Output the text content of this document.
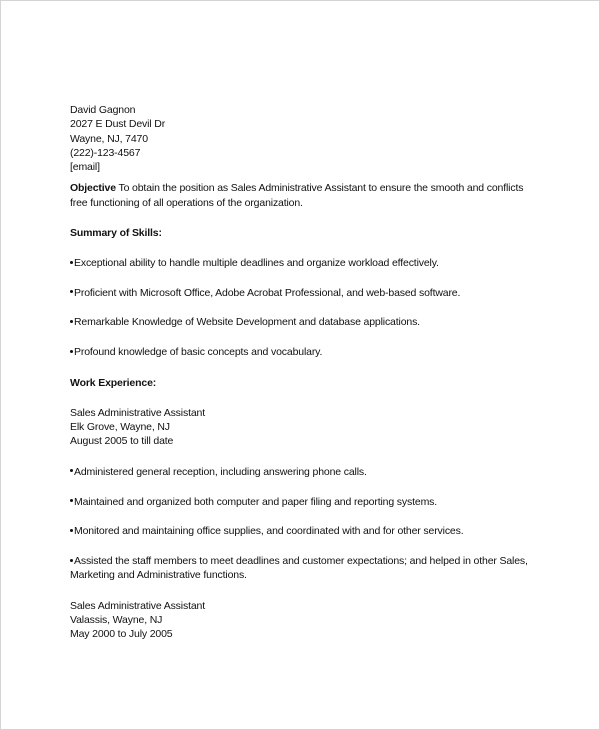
David Gagnon
2027 E Dust Devil Dr
Wayne, NJ, 7470
(222)-123-4567
[email]
Objective To obtain the position as Sales Administrative Assistant to ensure the smooth and conflicts free functioning of all operations of the organization.
Summary of Skills:
Exceptional ability to handle multiple deadlines and organize workload effectively.
Proficient with Microsoft Office, Adobe Acrobat Professional, and web-based software.
Remarkable Knowledge of Website Development and database applications.
Profound knowledge of basic concepts and vocabulary.
Work Experience:
Sales Administrative Assistant
Elk Grove, Wayne, NJ
August 2005 to till date
Administered general reception, including answering phone calls.
Maintained and organized both computer and paper filing and reporting systems.
Monitored and maintaining office supplies, and coordinated with and for other services.
Assisted the staff members to meet deadlines and customer expectations; and helped in other Sales, Marketing and Administrative functions.
Sales Administrative Assistant
Valassis, Wayne, NJ
May 2000 to July 2005
